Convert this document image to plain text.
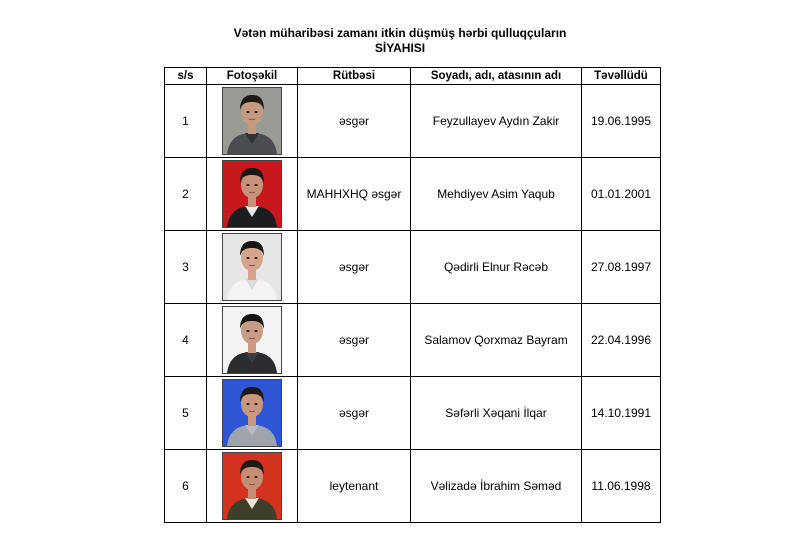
Vətən müharibəsi zamanı itkin düşmüş hərbi qulluqçuların
SİYAHISI
s/s	Fotoşəkil	Rütbəsi	Soyadı, adı, atasının adı	Təvəllüdü
1		əsgər	Feyzullayev Aydın Zakir	19.06.1995
2		MAHHXHQ əsgər	Mehdiyev Asim Yaqub	01.01.2001
3		əsgər	Qədirli Elnur Rəcəb	27.08.1997
4		əsgər	Salamov Qorxmaz Bayram	22.04.1996
5		əsgər	Səfərli Xəqani İlqar	14.10.1991
6		leytenant	Vəlizadə İbrahim Səməd	11.06.1998
